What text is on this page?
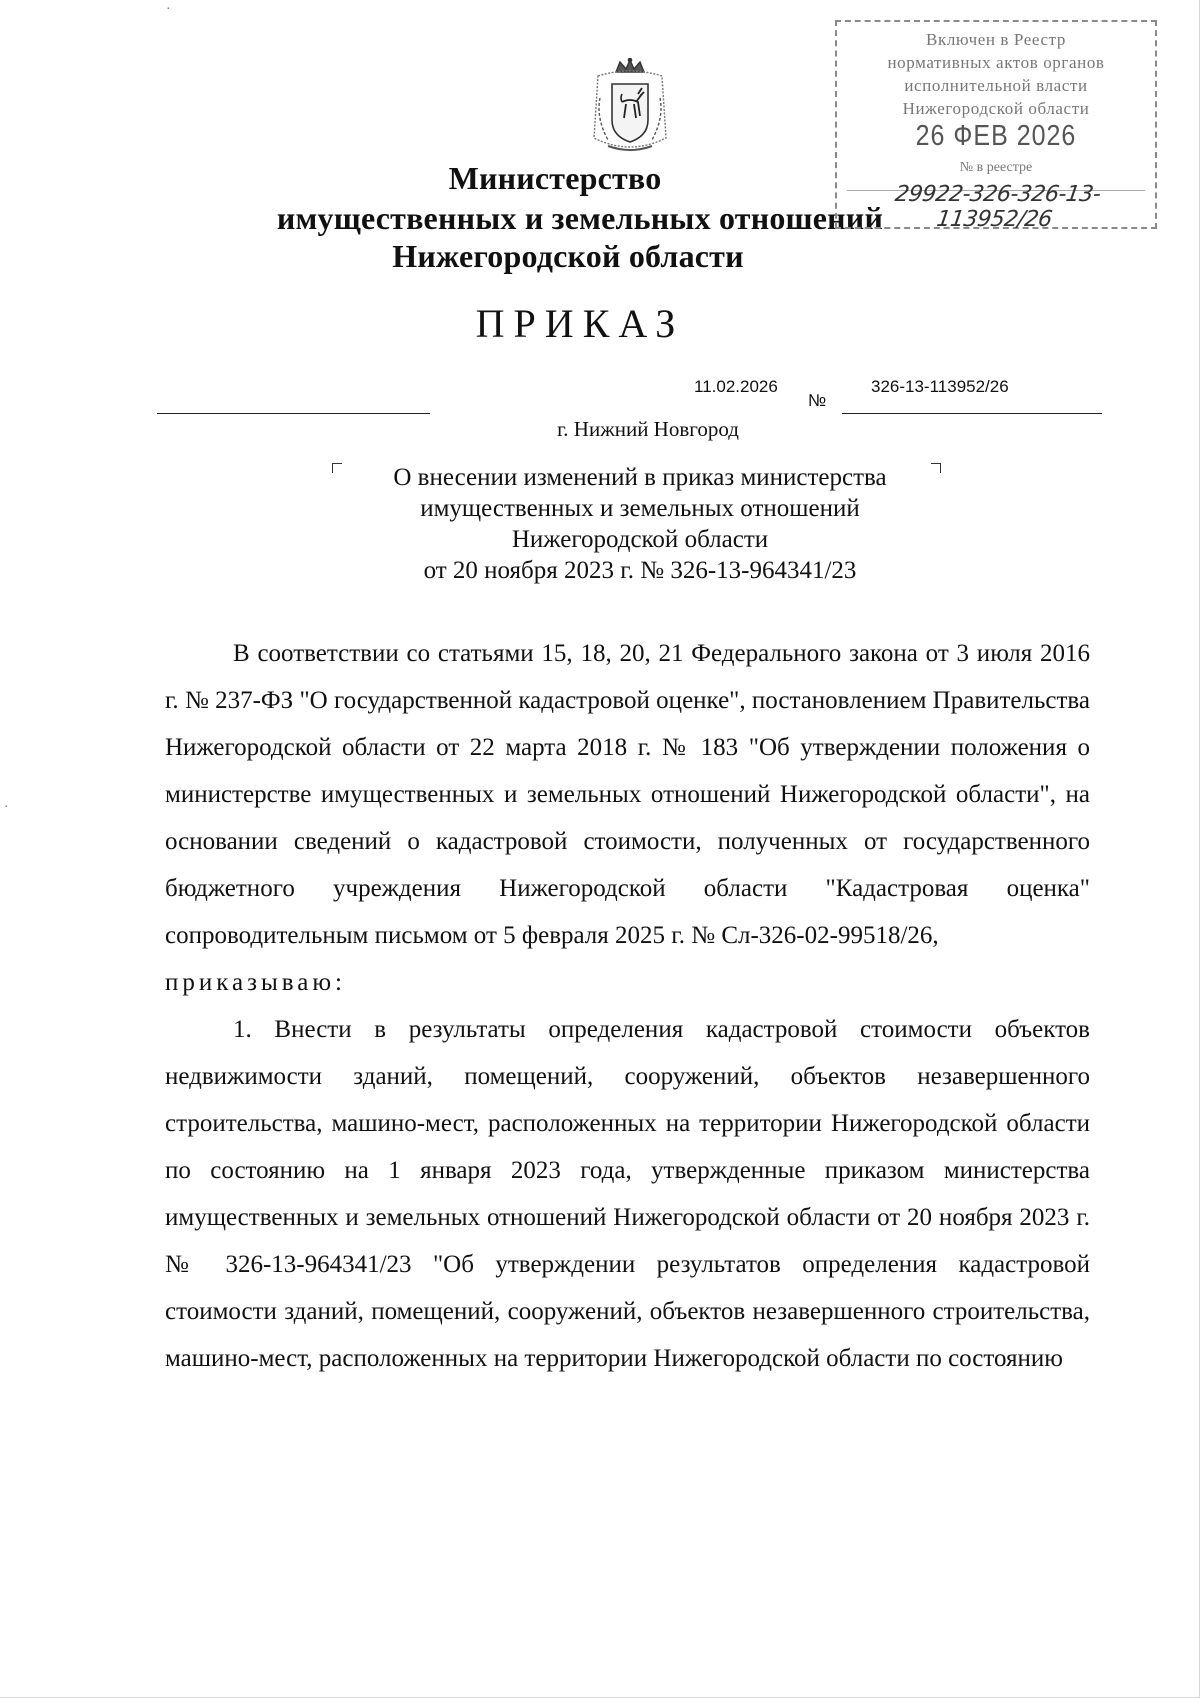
·
·
Министерство
имущественных и земельных отношений
Нижегородской области
ПРИКАЗ
11.02.2026
№
326-13-113952/26
г. Нижний Новгород
О внесении изменений в приказ министерства
имущественных и земельных отношений
Нижегородской области
от 20 ноября 2023 г. № 326-13-964341/23

В соответствии со статьями 15, 18, 20, 21 Федерального закона от 3 июля 2016 г. № 237-ФЗ "О государственной кадастровой оценке", постановлением Правительства Нижегородской области от 22 марта 2018 г. № 183 "Об утверждении положения о министерстве имущественных и земельных отношений Нижегородской области", на основании сведений о кадастровой стоимости, полученных от государственного бюджетного учреждения Нижегородской области "Кадастровая оценка" сопроводительным письмом от 5 февраля 2025 г. № Сл-326-02-99518/26,

приказываю:

1. Внести в результаты определения кадастровой стоимости объектов недвижимости зданий, помещений, сооружений, объектов незавершенного строительства, машино-мест, расположенных на территории Нижегородской области по состоянию на 1 января 2023 года, утвержденные приказом министерства имущественных и земельных отношений Нижегородской области от 20 ноября 2023 г. № 326-13-964341/23 "Об утверждении результатов определения кадастровой стоимости зданий, помещений, сооружений, объектов незавершенного строительства, машино-мест, расположенных на территории Нижегородской области по состоянию

Включен в Реестр
нормативных актов органов
исполнительной власти
Нижегородской области
26 ФЕВ 2026
№ в реестре
29922-326-326-13-113952/26
